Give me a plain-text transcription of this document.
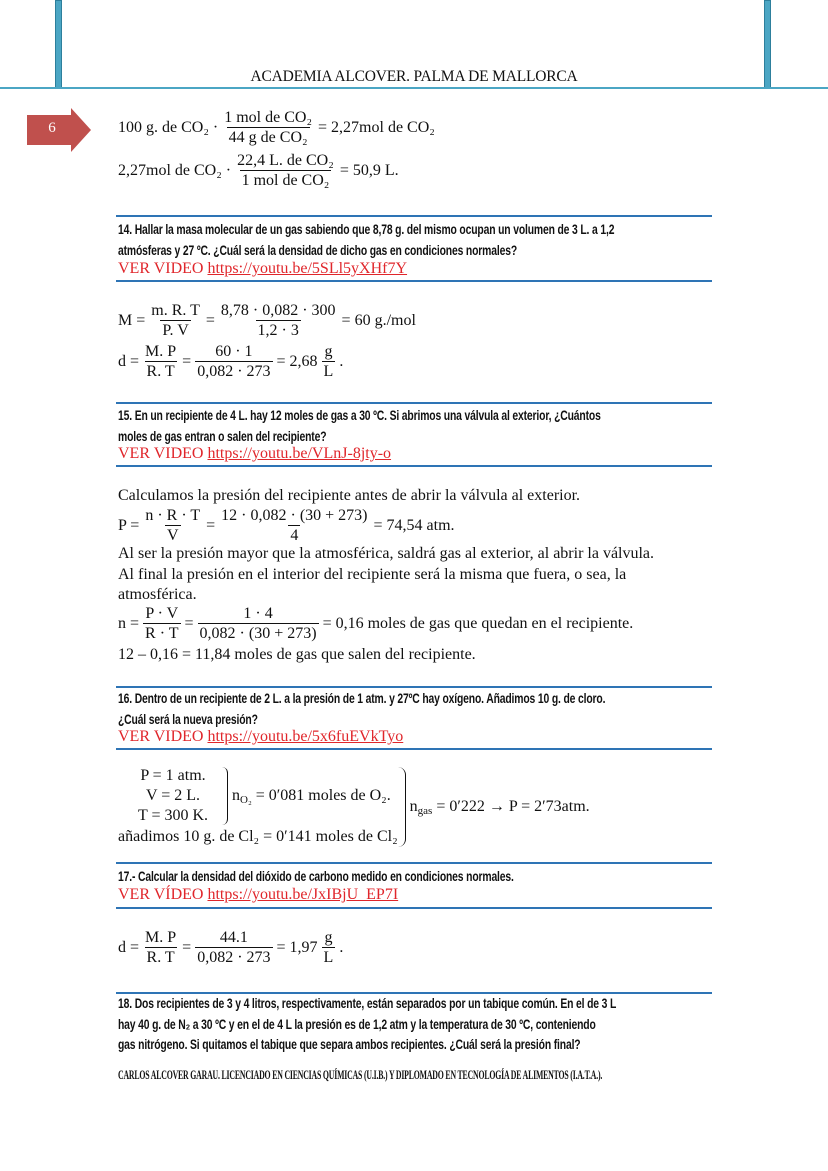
ACADEMIA ALCOVER. PALMA DE MALLORCA
6	100 g. de $CO_2 \cdot \frac{\text{1 mol de CO₂}}{\text{44 g de CO₂}} = 2,27mol$ de CO₂
2,27mol de $CO_2 \cdot \frac{\text{22,4 L. de CO₂}}{\text{1 mol de CO₂}} = 50,9$ L.
14. Hallar la masa molecular de un gas sabiendo que 8,78 g. del mismo ocupan un volumen de 3 L. a 1,2
atmósferas y 27 ºC. ¿Cuál será la densidad de dicho gas en condiciones normales?
VER VIDEO https://youtu.be/5SLl5yXHf7Y
$M = \frac{m. R. T}{P. V} = \frac{8,78 \cdot 0,082 \cdot 300}{1,2 \cdot 3} = 60$ g./mol
$d = \frac{M. P}{R. T} = \frac{60 \cdot 1}{0,082 \cdot 273} = 2,68 \frac{g}{L}$ .
15. En un recipiente de 4 L. hay 12 moles de gas a 30 ºC. Si abrimos una válvula al exterior, ¿Cuántos
moles de gas entran o salen del recipiente?
VER VIDEO https://youtu.be/VLnJ-8jty-o
Calculamos la presión del recipiente antes de abrir la válvula al exterior.
$P = \frac{n \cdot R \cdot T}{V} = \frac{12 \cdot 0,082 \cdot (30 + 273)}{4} = 74,54$ atm.
Al ser la presión mayor que la atmosférica, saldrá gas al exterior, al abrir la válvula.
Al final la presión en el interior del recipiente será la misma que fuera, o sea, la
atmosférica.
$n = \frac{P \cdot V}{R \cdot T} = \frac{1 \cdot 4}{0,082 \cdot (30 + 273)} = 0,16$ moles de gas que quedan en el recipiente.
12 – 0,16 = 11,84 moles de gas que salen del recipiente.
16. Dentro de un recipiente de 2 L. a la presión de 1 atm. y 27ºC hay oxígeno. Añadimos 10 g. de cloro.
¿Cuál será la nueva presión?
VER VIDEO https://youtu.be/5x6fuEVkTyo
P = 1 atm.
V = 2 L.
T = 300 K.
$n_{O_2} = 0'081$ moles de O₂.
añadimos 10 g. de Cl₂ = 0′141 moles de Cl₂
$n_{gas} = 0'222 \to P = 2'73atm$.
17.- Calcular la densidad del dióxido de carbono medido en condiciones normales.
VER VÍDEO https://youtu.be/JxIBjU_EP7I
$d = \frac{M. P}{R. T} = \frac{44.1}{0,082 \cdot 273} = 1,97 \frac{g}{L}$ .
18. Dos recipientes de 3 y 4 litros, respectivamente, están separados por un tabique común. En el de 3 L
hay 40 g. de N₂ a 30 ºC y en el de 4 L la presión es de 1,2 atm y la temperatura de 30 ºC, conteniendo
gas nitrógeno. Si quitamos el tabique que separa ambos recipientes. ¿Cuál será la presión final?
CARLOS ALCOVER GARAU. LICENCIADO EN CIENCIAS QUÍMICAS (U.I.B.) Y DIPLOMADO EN TECNOLOGÍA DE ALIMENTOS (I.A.T.A.).
